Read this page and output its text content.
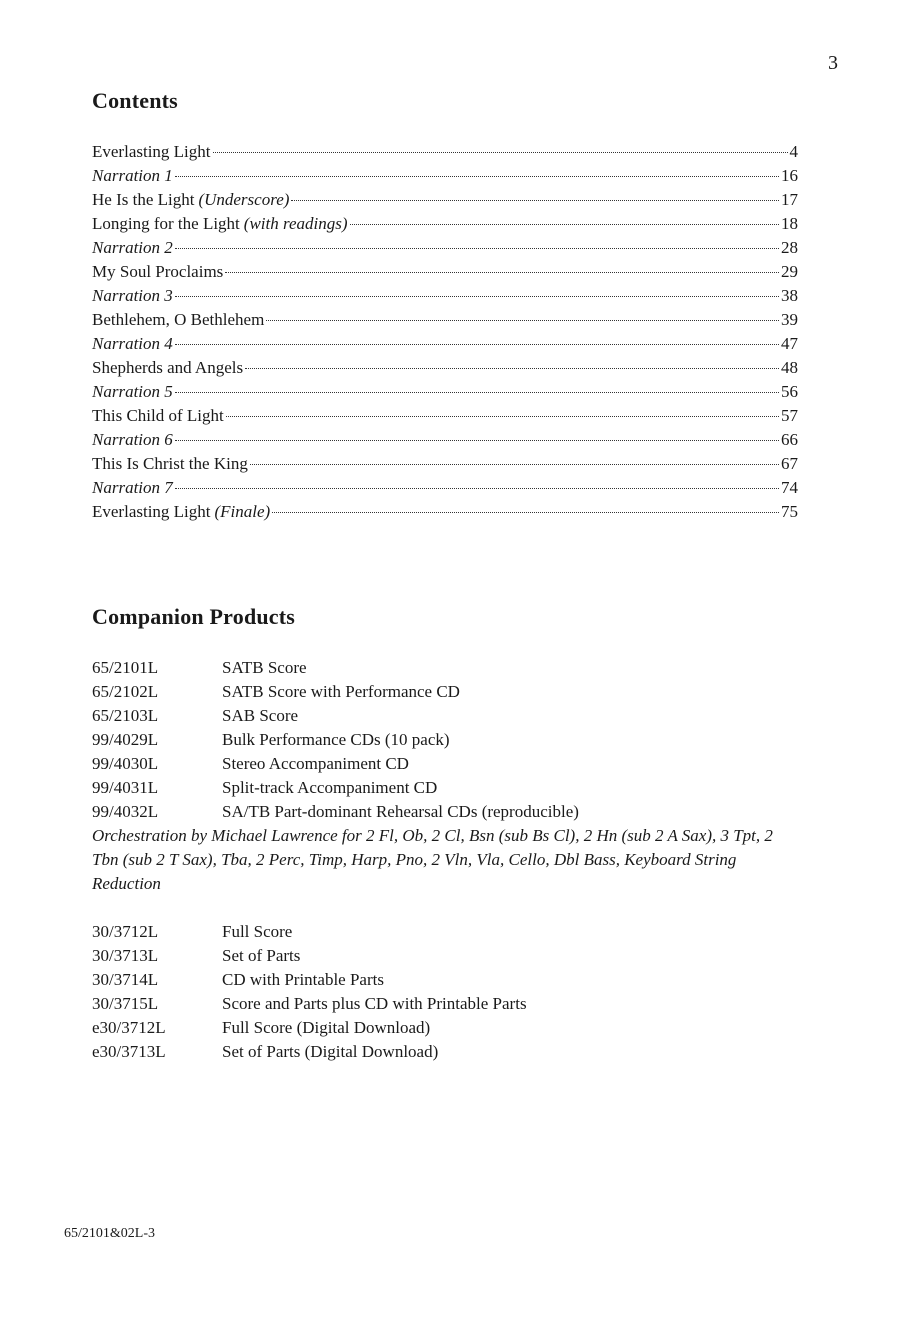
3
Contents
Everlasting Light	4
Narration 1	16
He Is the Light (Underscore)	17
Longing for the Light (with readings)	18
Narration 2	28
My Soul Proclaims	29
Narration 3	38
Bethlehem, O Bethlehem	39
Narration 4	47
Shepherds and Angels	48
Narration 5	56
This Child of Light	57
Narration 6	66
This Is Christ the King	67
Narration 7	74
Everlasting Light (Finale)	75
Companion Products
65/2101L	SATB Score
65/2102L	SATB Score with Performance CD
65/2103L	SAB Score
99/4029L	Bulk Performance CDs (10 pack)
99/4030L	Stereo Accompaniment CD
99/4031L	Split-track Accompaniment CD
99/4032L	SA/TB Part-dominant Rehearsal CDs (reproducible)

Orchestration by Michael Lawrence for 2 Fl, Ob, 2 Cl, Bsn (sub Bs Cl), 2 Hn (sub 2 A Sax), 3 Tpt, 2 Tbn (sub 2 T Sax), Tba, 2 Perc, Timp, Harp, Pno, 2 Vln, Vla, Cello, Dbl Bass, Keyboard String Reduction

30/3712L	Full Score
30/3713L	Set of Parts
30/3714L	CD with Printable Parts
30/3715L	Score and Parts plus CD with Printable Parts
e30/3712L	Full Score (Digital Download)
e30/3713L	Set of Parts (Digital Download)
65/2101&02L-3
